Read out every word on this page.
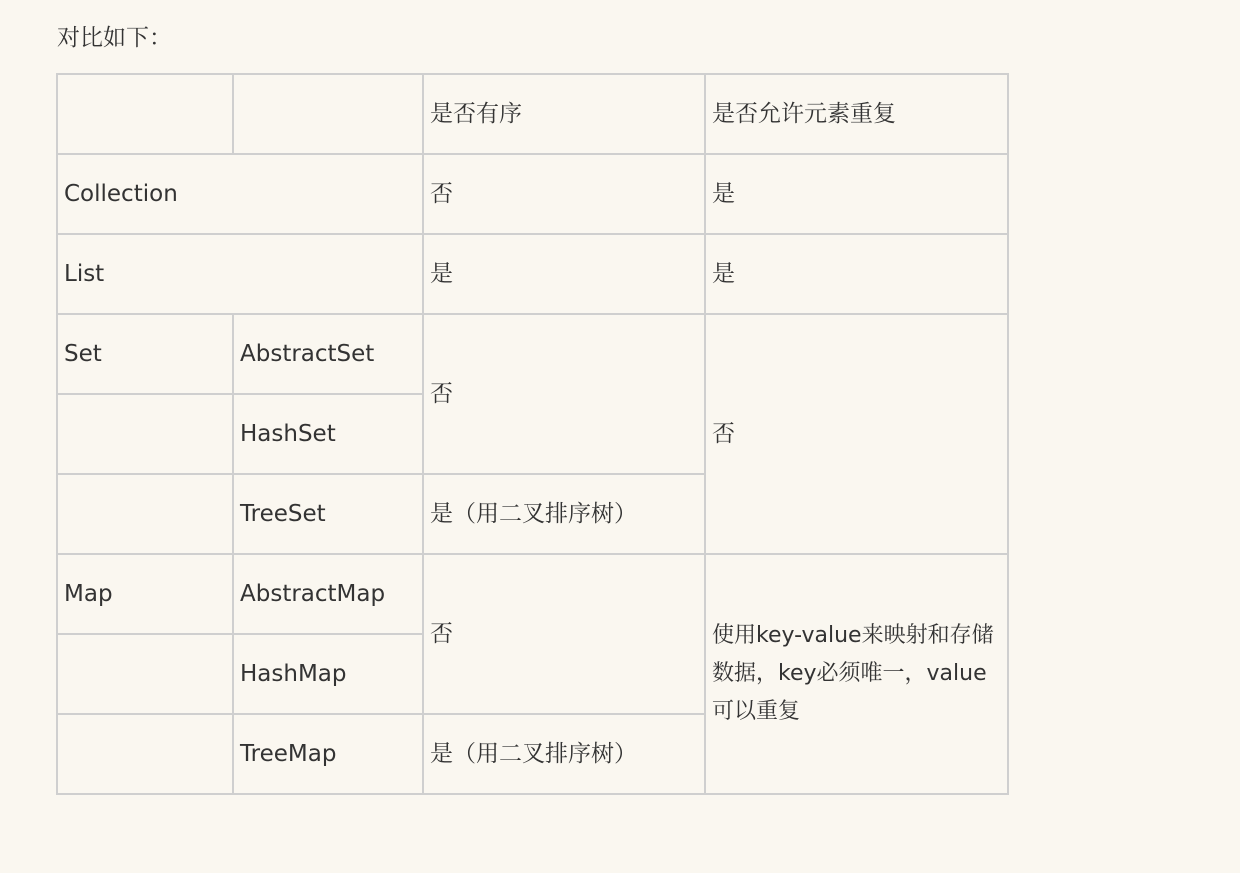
对比如下：
		是否有序	是否允许元素重复
Collection		否	是
List		是	是
Set	AbstractSet	否	否
	HashSet		
	TreeSet	是（用二叉排序树）	
Map	AbstractMap	否	使用key-value来映射和存储数据，key必须唯一，value可以重复
	HashMap		
	TreeMap	是（用二叉排序树）	
